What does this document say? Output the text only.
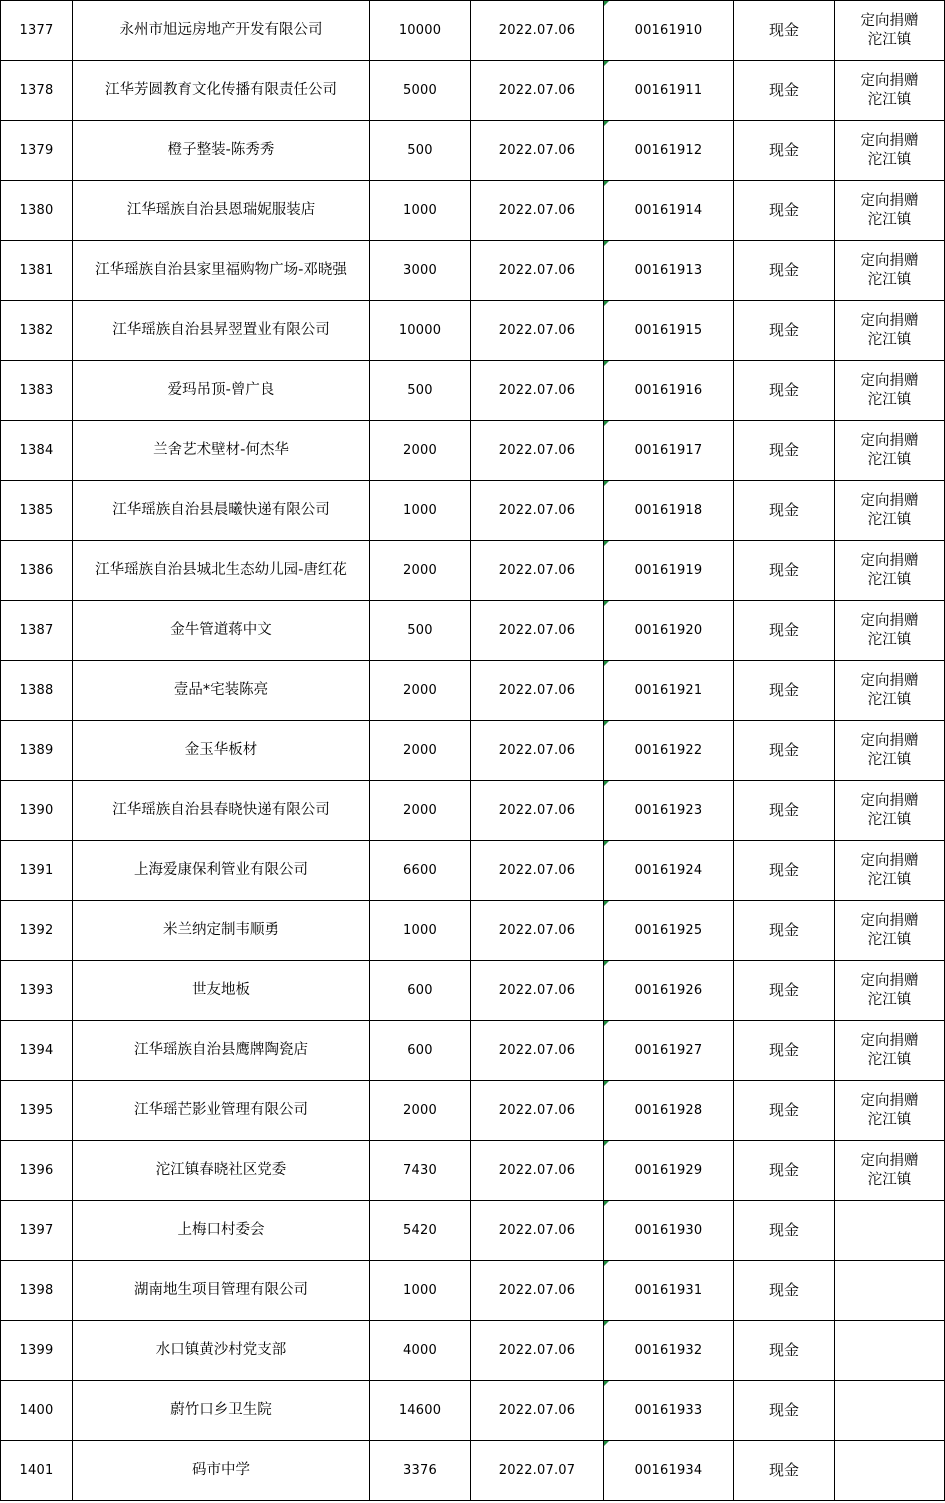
1377	永州市旭远房地产开发有限公司	10000	2022.07.06	00161910	现金	定向捐赠
沱江镇

1378	江华芳圆教育文化传播有限责任公司	5000	2022.07.06	00161911	现金	定向捐赠
沱江镇

1379	橙子整装-陈秀秀	500	2022.07.06	00161912	现金	定向捐赠
沱江镇

1380	江华瑶族自治县恩瑞妮服装店	1000	2022.07.06	00161914	现金	定向捐赠
沱江镇

1381	江华瑶族自治县家里福购物广场-邓晓强	3000	2022.07.06	00161913	现金	定向捐赠
沱江镇

1382	江华瑶族自治县昇翌置业有限公司	10000	2022.07.06	00161915	现金	定向捐赠
沱江镇

1383	爱玛吊顶-曾广良	500	2022.07.06	00161916	现金	定向捐赠
沱江镇

1384	兰舍艺术壁材-何杰华	2000	2022.07.06	00161917	现金	定向捐赠
沱江镇

1385	江华瑶族自治县晨曦快递有限公司	1000	2022.07.06	00161918	现金	定向捐赠
沱江镇

1386	江华瑶族自治县城北生态幼儿园-唐红花	2000	2022.07.06	00161919	现金	定向捐赠
沱江镇

1387	金牛管道蒋中文	500	2022.07.06	00161920	现金	定向捐赠
沱江镇

1388	壹品*宅装陈亮	2000	2022.07.06	00161921	现金	定向捐赠
沱江镇

1389	金玉华板材	2000	2022.07.06	00161922	现金	定向捐赠
沱江镇

1390	江华瑶族自治县春晓快递有限公司	2000	2022.07.06	00161923	现金	定向捐赠
沱江镇

1391	上海爱康保利管业有限公司	6600	2022.07.06	00161924	现金	定向捐赠
沱江镇

1392	米兰纳定制韦顺勇	1000	2022.07.06	00161925	现金	定向捐赠
沱江镇

1393	世友地板	600	2022.07.06	00161926	现金	定向捐赠
沱江镇

1394	江华瑶族自治县鹰牌陶瓷店	600	2022.07.06	00161927	现金	定向捐赠
沱江镇

1395	江华瑶芒影业管理有限公司	2000	2022.07.06	00161928	现金	定向捐赠
沱江镇

1396	沱江镇春晓社区党委	7430	2022.07.06	00161929	现金	定向捐赠
沱江镇

1397	上梅口村委会	5420	2022.07.06	00161930	现金	
1398	湖南地生项目管理有限公司	1000	2022.07.06	00161931	现金	
1399	水口镇黄沙村党支部	4000	2022.07.06	00161932	现金	
1400	蔚竹口乡卫生院	14600	2022.07.06	00161933	现金	
1401	码市中学	3376	2022.07.07	00161934	现金	
